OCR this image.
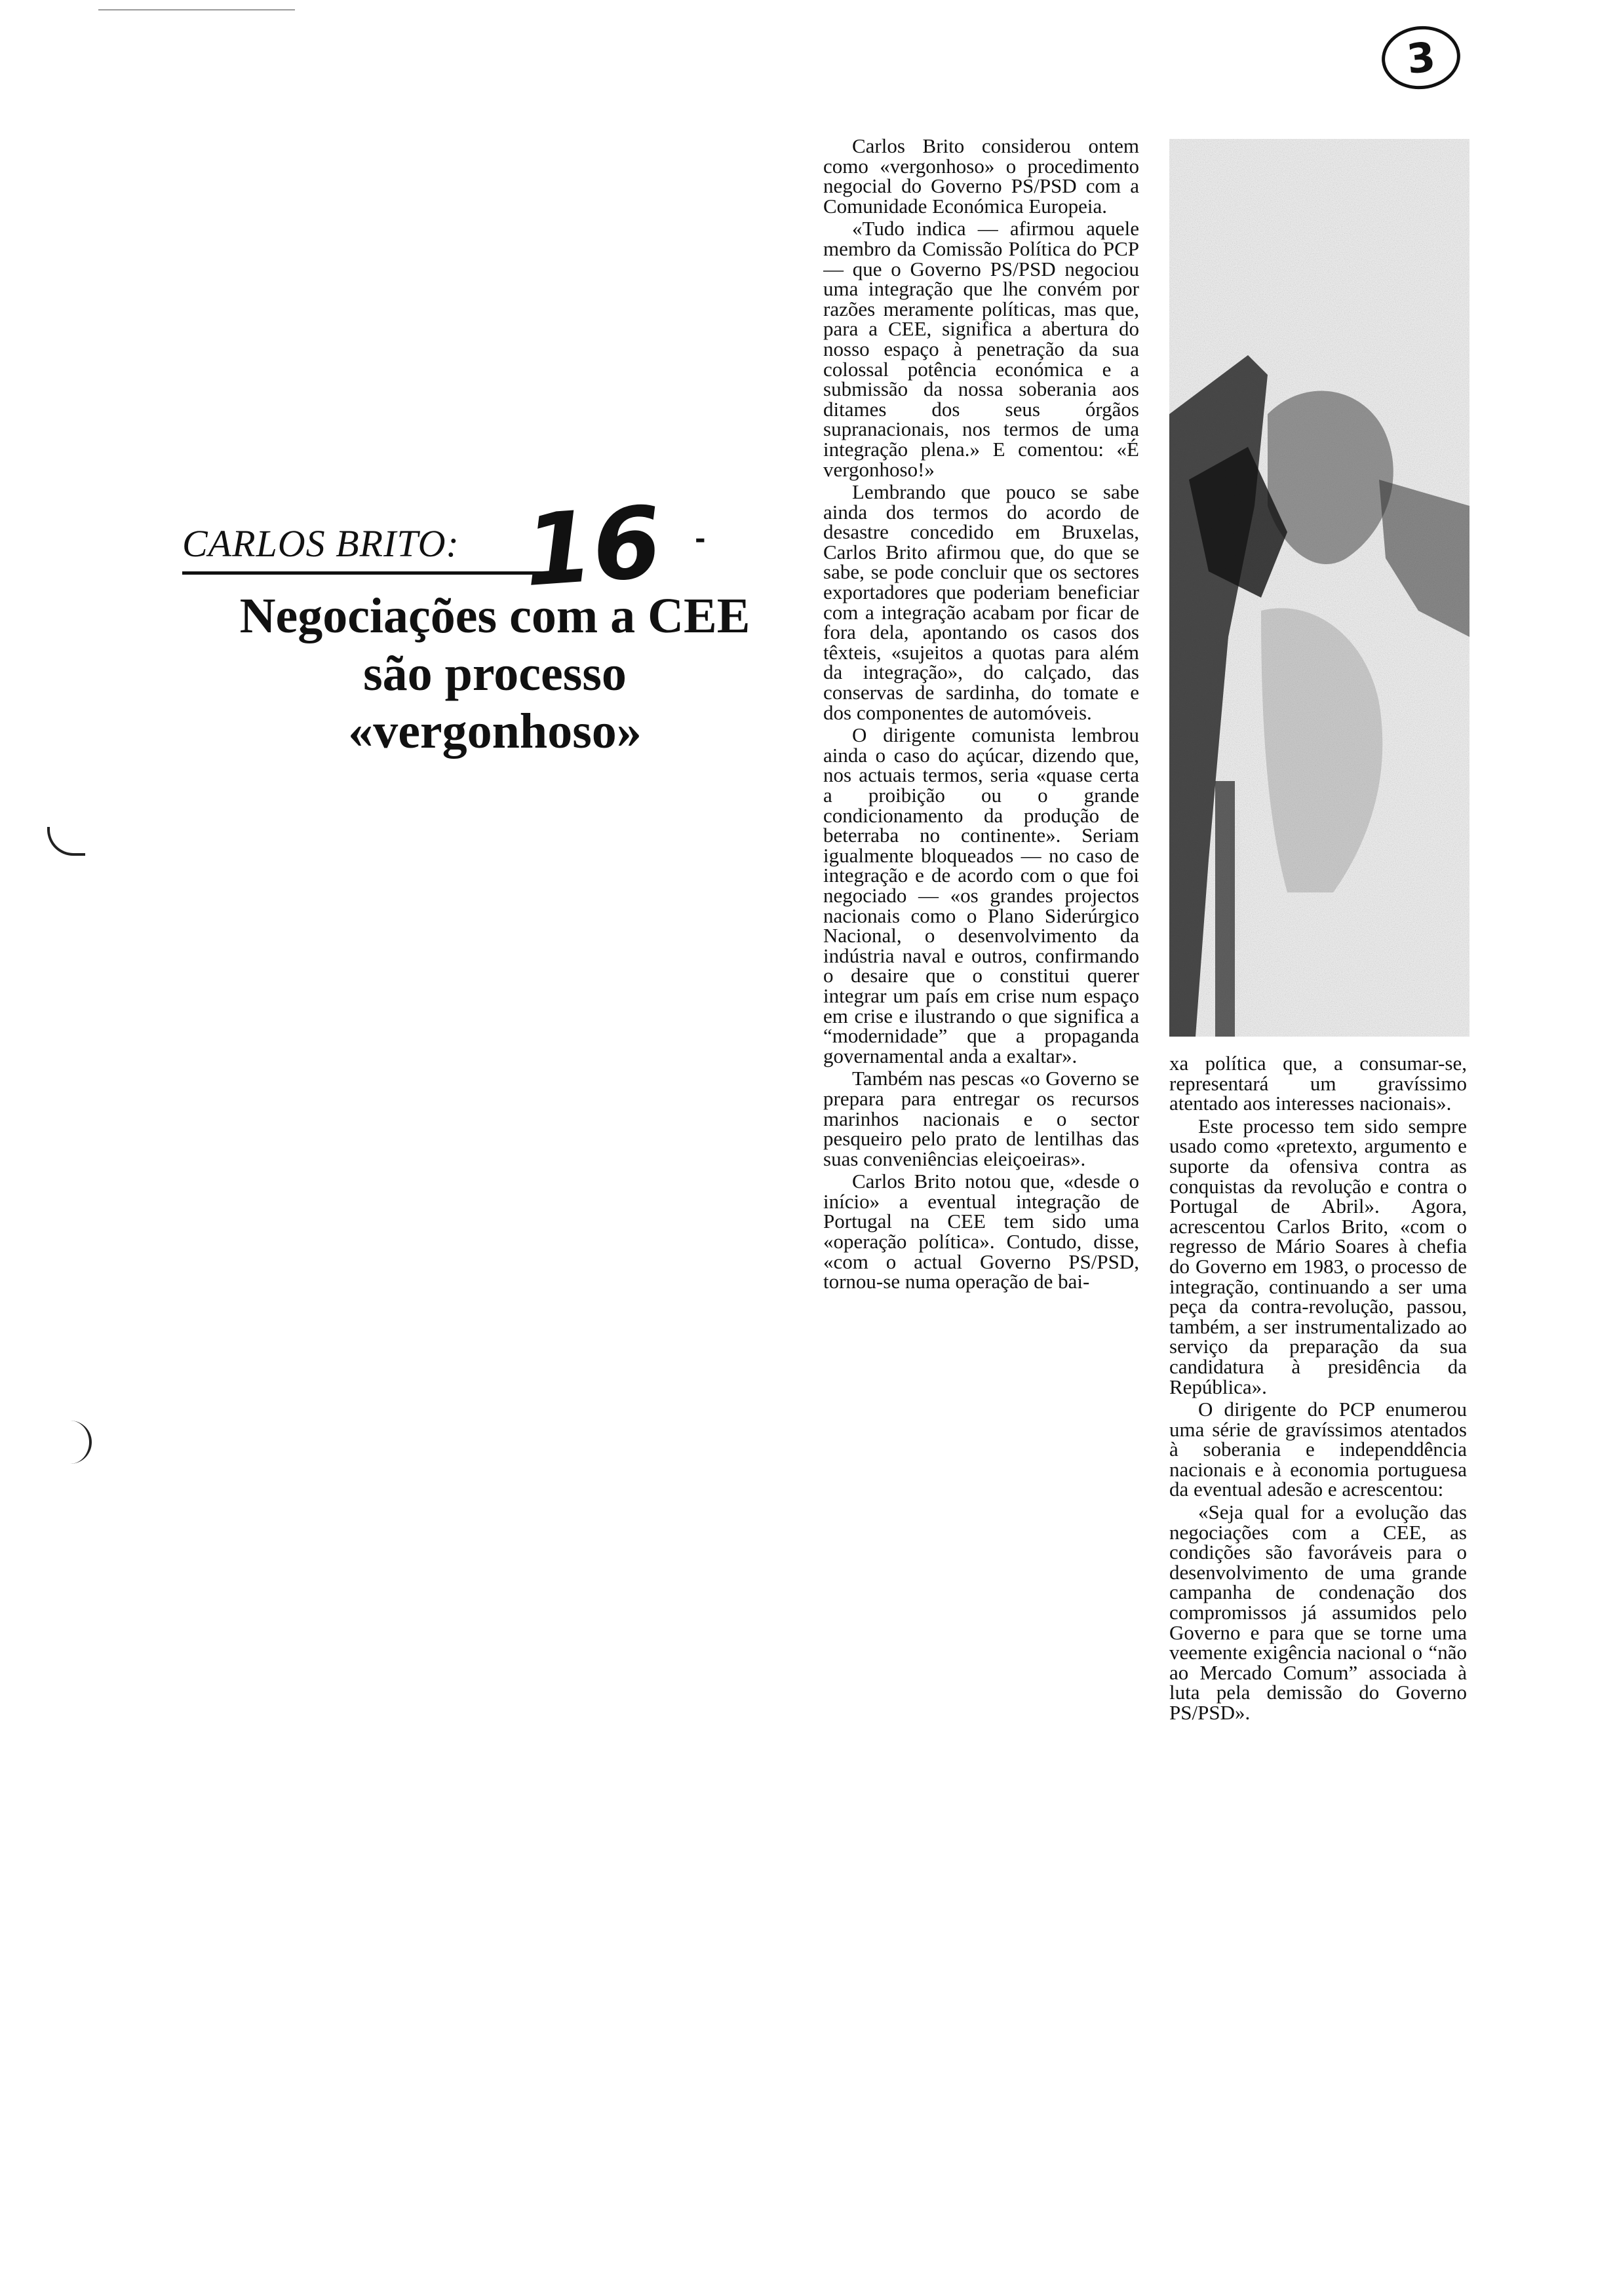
3
CARLOS BRITO: 16 -
Negociações com a CEE
são processo
«vergonhoso»

Carlos Brito considerou ontem como «vergonhoso» o procedimento negocial do Governo PS/PSD com a Comunidade Económica Europeia.

«Tudo indica — afirmou aquele membro da Comissão Política do PCP — que o Governo PS/PSD negociou uma integração que lhe convém por razões meramente políticas, mas que, para a CEE, significa a abertura do nosso espaço à penetração da sua colossal potência económica e a submissão da nossa soberania aos ditames dos seus órgãos supranacionais, nos termos de uma integração plena.» E comentou: «É vergonhoso!»

Lembrando que pouco se sabe ainda dos termos do acordo de desastre concedido em Bruxelas, Carlos Brito afirmou que, do que se sabe, se pode concluir que os sectores exportadores que poderiam beneficiar com a integração acabam por ficar de fora dela, apontando os casos dos têxteis, «sujeitos a quotas para além da integração», do calçado, das conservas de sardinha, do tomate e dos componentes de automóveis.

O dirigente comunista lembrou ainda o caso do açúcar, dizendo que, nos actuais termos, seria «quase certa a proibição ou o grande condicionamento da produção de beterraba no continente». Seriam igualmente bloqueados — no caso de integração e de acordo com o que foi negociado — «os grandes projectos nacionais como o Plano Siderúrgico Nacional, o desenvolvimento da indústria naval e outros, confirmando o desaire que o constitui querer integrar um país em crise num espaço em crise e ilustrando o que significa a “modernidade” que a propaganda governamental anda a exaltar».

Também nas pescas «o Governo se prepara para entregar os recursos marinhos nacionais e o sector pesqueiro pelo prato de lentilhas das suas conveniências eleiçoeiras».

Carlos Brito notou que, «desde o início» a eventual integração de Portugal na CEE tem sido uma «operação política». Contudo, disse, «com o actual Governo PS/PSD, tornou-se numa operação de bai-

xa política que, a consumar-se, representará um gravíssimo atentado aos interesses nacionais».

Este processo tem sido sempre usado como «pretexto, argumento e suporte da ofensiva contra as conquistas da revolução e contra o Portugal de Abril». Agora, acrescentou Carlos Brito, «com o regresso de Mário Soares à chefia do Governo em 1983, o processo de integração, continuando a ser uma peça da contra-revolução, passou, também, a ser instrumentalizado ao serviço da preparação da sua candidatura à presidência da República».

O dirigente do PCP enumerou uma série de gravíssimos atentados à soberania e independdência nacionais e à economia portuguesa da eventual adesão e acrescentou:

«Seja qual for a evolução das negociações com a CEE, as condições são favoráveis para o desenvolvimento de uma grande campanha de condenação dos compromissos já assumidos pelo Governo e para que se torne uma veemente exigência nacional o “não ao Mercado Comum” associada à luta pela demissão do Governo PS/PSD».
